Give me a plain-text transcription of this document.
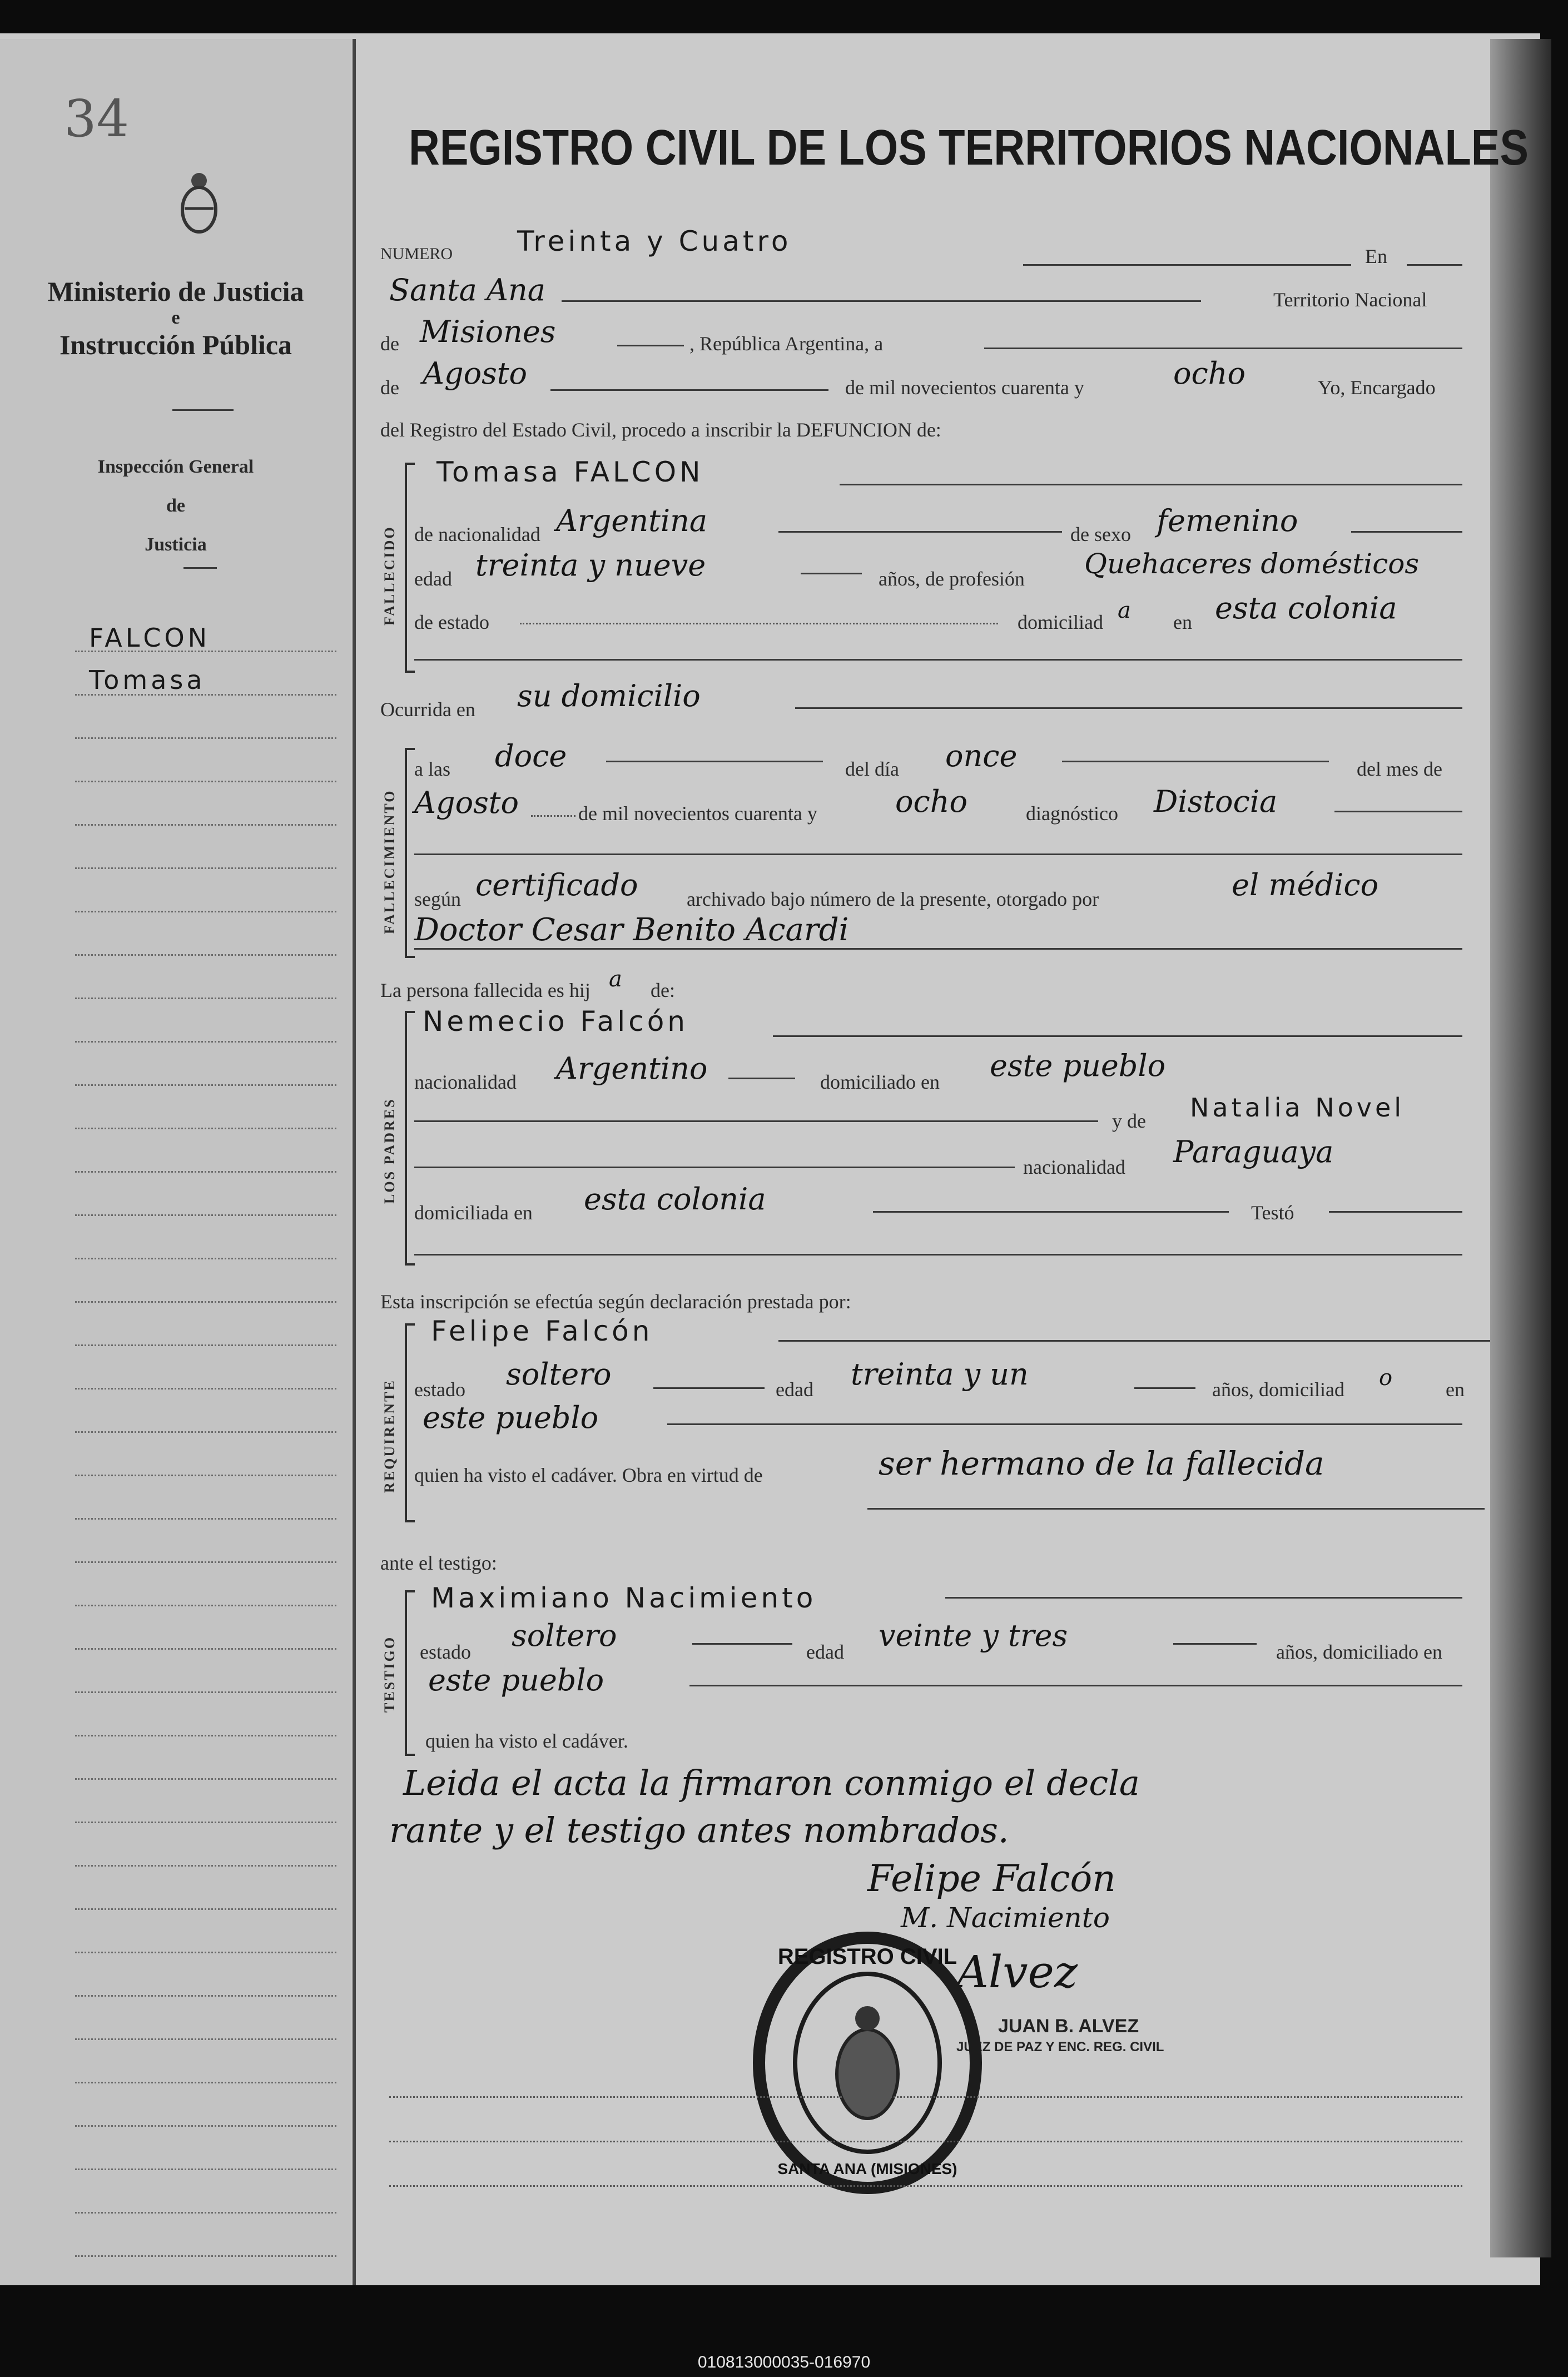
34
Ministerio de Justicia
e
Instrucción Pública
Inspección General
de
Justicia
FALCON
Tomasa
REGISTRO CIVIL DE LOS TERRITORIOS NACIONALES
NUMERO Treinta y Cuatro	En
Santa Ana	Territorio Nacional
de Misiones	, República Argentina, a
de Agosto	de mil novecientos cuarenta y	ocho	Yo, Encargado
del Registro del Estado Civil, procedo a inscribir la DEFUNCION de:
FALLECIDO
Tomasa FALCON
de nacionalidad Argentina	de sexo femenino
edad treinta y nueve	años, de profesión Quehaceres domésticos
de estado	domiciliad a en esta colonia
Ocurrida en su domicilio
FALLECIMIENTO
a las doce	del día once	del mes de
Agosto	de mil novecientos cuarenta y	ocho	diagnóstico Distocia
según certificado archivado bajo número de la presente, otorgado por	el médico
Doctor Cesar Benito Acardi
La persona fallecida es hij a de:
LOS PADRES
Nemecio Falcón
nacionalidad Argentino	domiciliado en este pueblo
y de Natalia Novel
nacionalidad Paraguaya
domiciliada en esta colonia	Testó
Esta inscripción se efectúa según declaración prestada por:
REQUIRENTE
Felipe Falcón
estado soltero	edad treinta y un	años, domiciliad o	en
este pueblo
quien ha visto el cadáver. Obra en virtud de	ser hermano de la fallecida
ante el testigo:
TESTIGO
Maximiano Nacimiento
estado soltero	edad veinte y tres	años, domiciliado en
este pueblo
quien ha visto el cadáver.
Leida el acta la firmaron conmigo el decla
rante y el testigo antes nombrados.
Felipe Falcón
M. Nacimiento
Alvez
JUAN B. ALVEZ
JUEZ DE PAZ Y ENC. REG. CIVIL
REGISTRO CIVIL
SANTA ANA (MISIONES)
010813000035-016970
